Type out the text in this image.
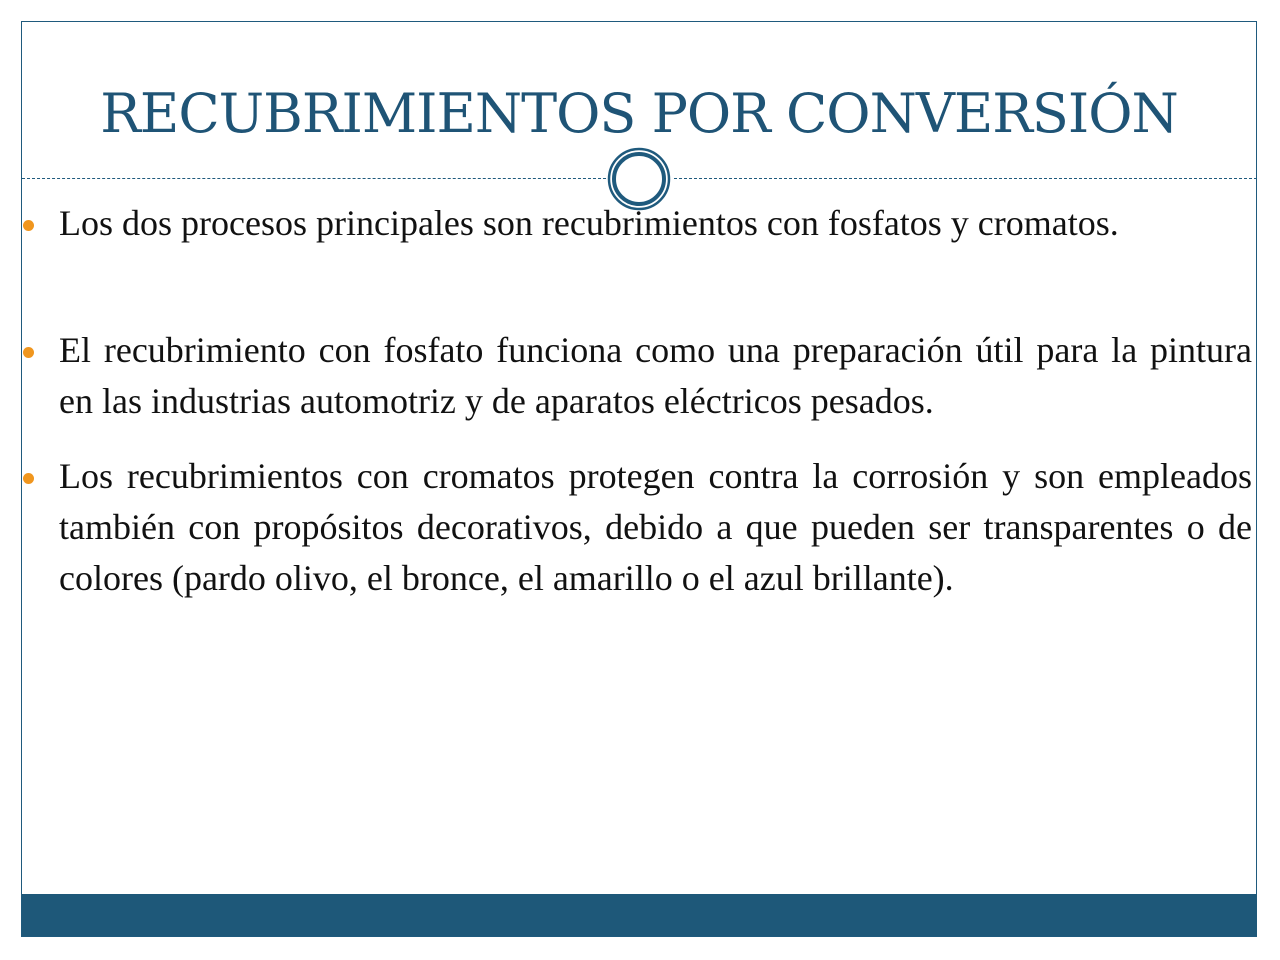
RECUBRIMIENTOS POR CONVERSIÓN
Los dos procesos principales son recubrimientos con fosfatos y cromatos.
El recubrimiento con fosfato funciona como una preparación útil para la pintura en las industrias automotriz y de aparatos eléctricos pesados.
Los recubrimientos con cromatos protegen contra la corrosión y son empleados también con propósitos decorativos, debido a que pueden ser transparentes o de colores (pardo olivo, el bronce, el amarillo o el azul brillante).
